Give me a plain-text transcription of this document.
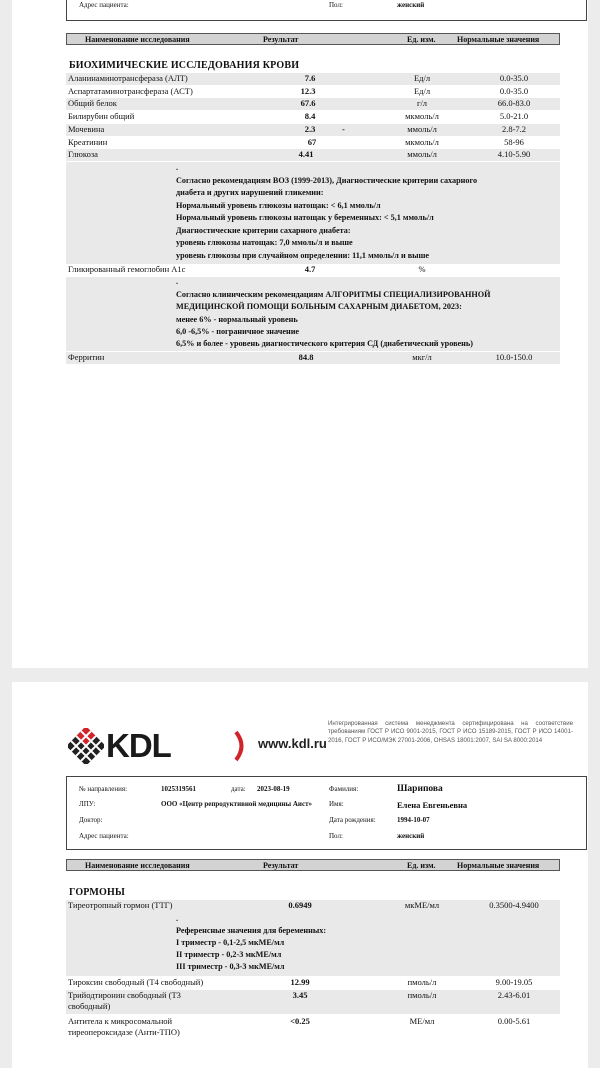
Адрес пациента:	Пол:	женский
Наименование исследования	Результат	Ед. изм.	Нормальные значения
БИОХИМИЧЕСКИЕ ИССЛЕДОВАНИЯ КРОВИ
Аланинаминотрансфераза (АЛТ)	7.6	Ед/л	0.0-35.0
Аспартатаминотрансфераза (АСТ)	12.3	Ед/л	0.0-35.0
Общий белок	67.6	г/л	66.0-83.0
Билирубин общий	8.4	мкмоль/л	5.0-21.0
Мочевина	2.3	-	ммоль/л	2.8-7.2
Креатинин	67	мкмоль/л	58-96
Глюкоза	4.41	ммоль/л	4.10-5.90
.
Согласно рекомендациям ВОЗ (1999-2013), Диагностические критерии сахарного
диабета и других нарушений гликемии:
Нормальный уровень глюкозы натощак: < 6,1 ммоль/л
Нормальный уровень глюкозы натощак у беременных: < 5,1 ммоль/л
Диагностические критерии сахарного диабета:
уровень глюкозы натощак: 7,0 ммоль/л и выше
уровень глюкозы при случайном определении: 11,1 ммоль/л и выше
Гликированный гемоглобин А1с	4.7	%
.
Согласно клиническим рекомендациям АЛГОРИТМЫ СПЕЦИАЛИЗИРОВАННОЙ
МЕДИЦИНСКОЙ ПОМОЩИ БОЛЬНЫМ САХАРНЫМ ДИАБЕТОМ, 2023:
менее 6% - нормальный уровень
6,0 -6,5% - пограничное значение
6,5% и более - уровень диагностического критерия СД (диабетический уровень)
Ферритин	84.8	мкг/л	10.0-150.0
KDL	www.kdl.ru
Интегрированная система менеджмента сертифицирована на соответствие требованиям ГОСТ Р ИСО 9001-2015, ГОСТ Р ИСО 15189-2015, ГОСТ Р ИСО 14001-2016, ГОСТ Р ИСО/МЭК 27001-2006, OHSAS 18001:2007, SAI SA 8000:2014
№ направления:	1025319561	дата: 2023-08-19
ЛПУ:	ООО «Центр репродуктивной медицины Аист»
Доктор:
Адрес пациента:
Фамилия:	Шарипова
Имя:	Елена Евгеньевна
Дата рождения:	1994-10-07
Пол:	женский
Наименование исследования	Результат	Ед. изм.	Нормальные значения
ГОРМОНЫ
Тиреотропный гормон (ТТГ)	0.6949	мкМЕ/мл	0.3500-4.9400
.
Референсные значения для беременных:
I триместр - 0,1-2,5 мкМЕ/мл
II триместр - 0,2-3 мкМЕ/мл
III триместр - 0,3-3 мкМЕ/мл
Тироксин свободный (Т4 свободный)	12.99	пмоль/л	9.00-19.05
Трийодтиронин свободный (Т3
свободный)
3.45	пмоль/л	2.43-6.01
Антитела к микросомальной
тиреопероксидазе (Анти-ТПО)
<0.25	МЕ/мл	0.00-5.61
